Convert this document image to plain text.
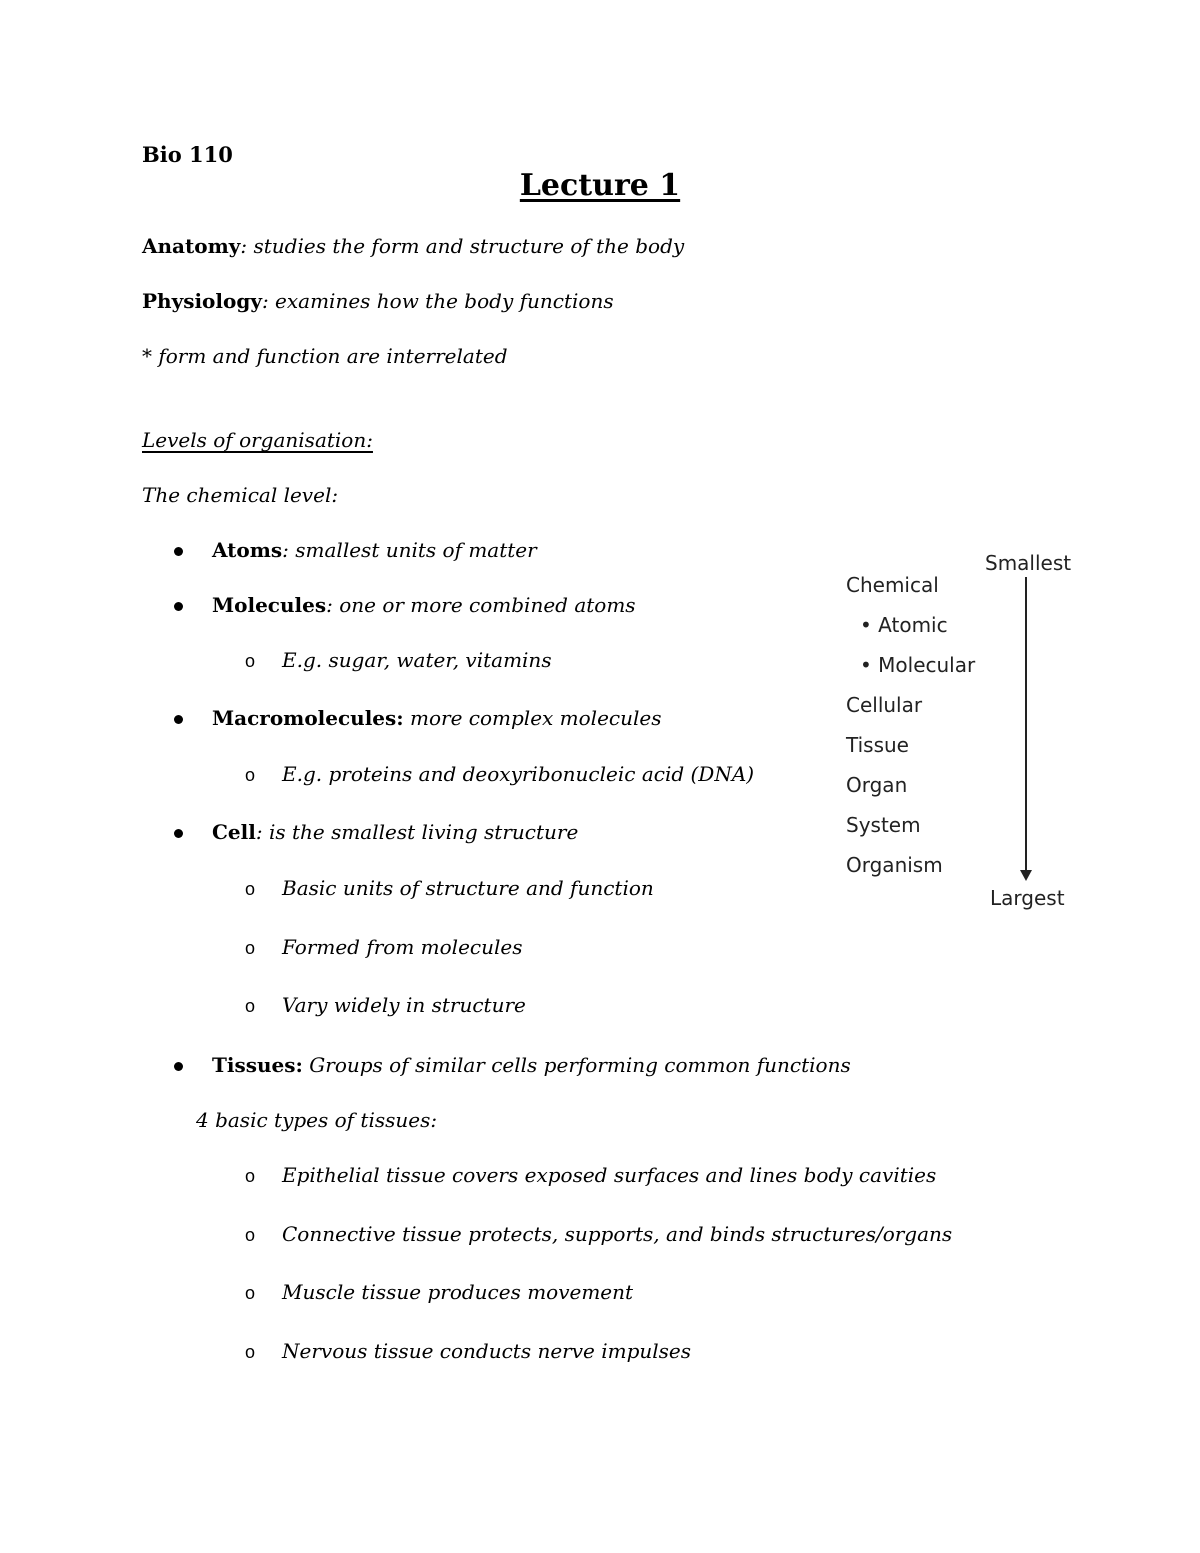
Bio 110
Lecture 1
Anatomy: studies the form and structure of the body
Physiology: examines how the body functions
* form and function are interrelated
Levels of organisation:
The chemical level:
Atoms: smallest units of matter
Molecules: one or more combined atoms
o E.g. sugar, water, vitamins
Macromolecules: more complex molecules
o E.g. proteins and deoxyribonucleic acid (DNA)
Cell: is the smallest living structure
o Basic units of structure and function
o Formed from molecules
o Vary widely in structure
Tissues: Groups of similar cells performing common functions
4 basic types of tissues:
o Epithelial tissue covers exposed surfaces and lines body cavities
o Connective tissue protects, supports, and binds structures/organs
o Muscle tissue produces movement
o Nervous tissue conducts nerve impulses
Smallest
Chemical
• Atomic
• Molecular
Cellular
Tissue
Organ
System
Organism
Largest
